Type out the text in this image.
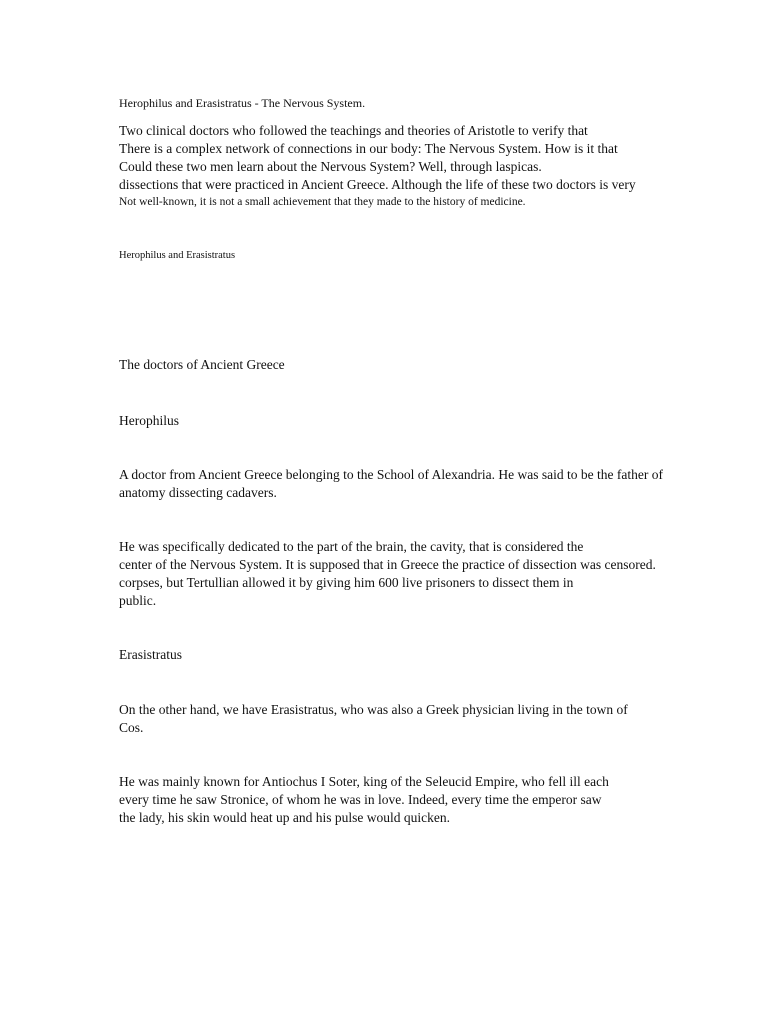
Herophilus and Erasistratus - The Nervous System.

Two clinical doctors who followed the teachings and theories of Aristotle to verify that

There is a complex network of connections in our body: The Nervous System. How is it that

Could these two men learn about the Nervous System? Well, through laspicas.

dissections that were practiced in Ancient Greece. Although the life of these two doctors is very

Not well-known, it is not a small achievement that they made to the history of medicine.

Herophilus and Erasistratus

The doctors of Ancient Greece

Herophilus

A doctor from Ancient Greece belonging to the School of Alexandria. He was said to be the father of

anatomy dissecting cadavers.

He was specifically dedicated to the part of the brain, the cavity, that is considered the

center of the Nervous System. It is supposed that in Greece the practice of dissection was censored.

corpses, but Tertullian allowed it by giving him 600 live prisoners to dissect them in

public.

Erasistratus

On the other hand, we have Erasistratus, who was also a Greek physician living in the town of

Cos.

He was mainly known for Antiochus I Soter, king of the Seleucid Empire, who fell ill each

every time he saw Stronice, of whom he was in love. Indeed, every time the emperor saw

the lady, his skin would heat up and his pulse would quicken.
